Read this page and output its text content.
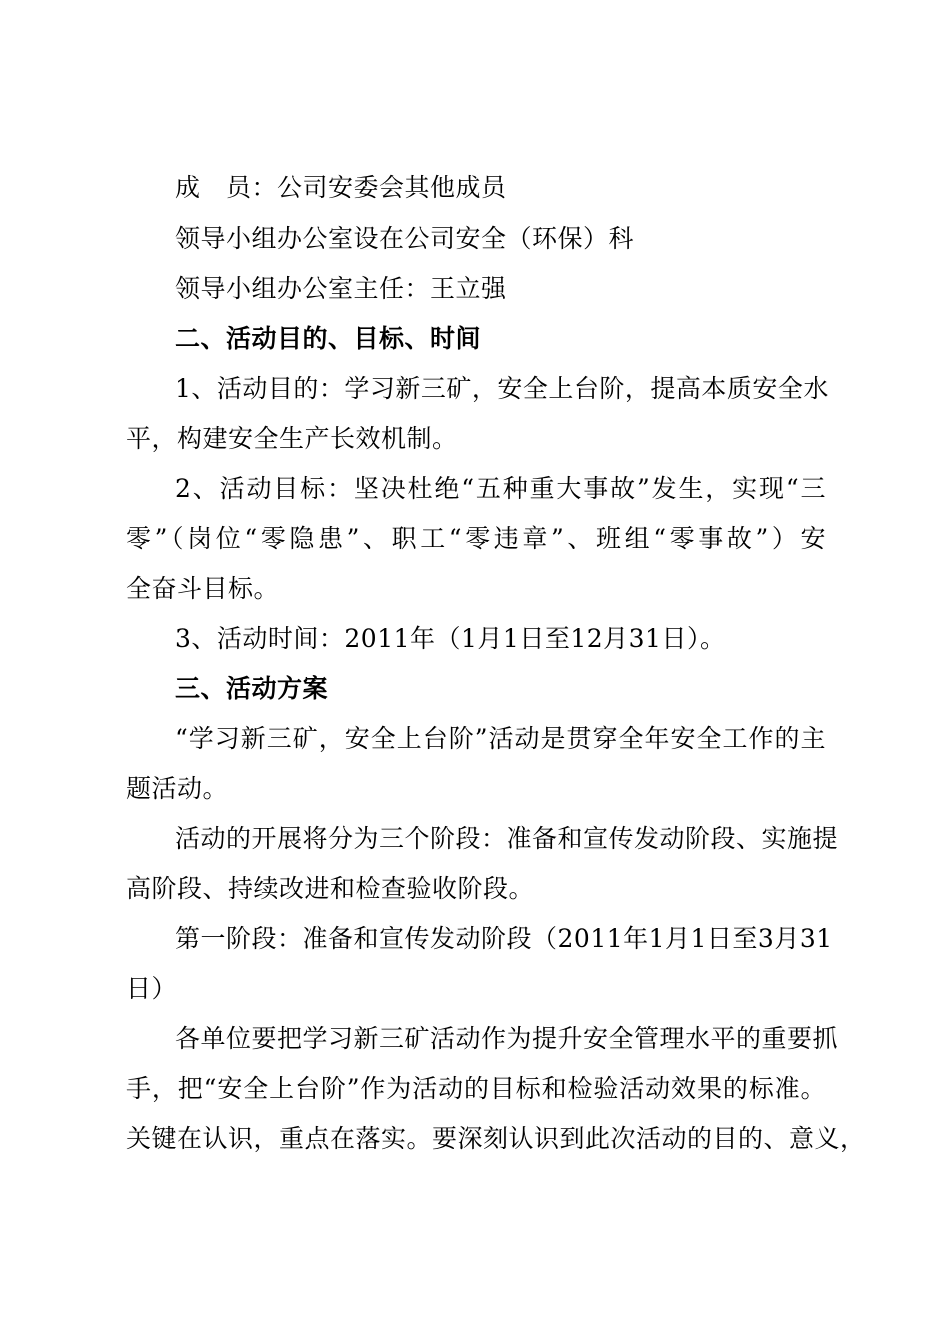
成　员：公司安委会其他成员
领导小组办公室设在公司安全（环保）科
领导小组办公室主任：王立强
二、活动目的、目标、时间
1、活动目的：学习新三矿，安全上台阶，提高本质安全水
平，构建安全生产长效机制。
2、活动目标：坚决杜绝“五种重大事故”发生，实现“三
零”（岗位“零隐患”、职工“零违章”、班组“零事故”）安
全奋斗目标。
3、活动时间：2011年（1月1日至12月31日）。
三、活动方案
“学习新三矿，安全上台阶”活动是贯穿全年安全工作的主
题活动。
活动的开展将分为三个阶段：准备和宣传发动阶段、实施提
高阶段、持续改进和检查验收阶段。
第一阶段：准备和宣传发动阶段（2011年1月1日至3月31
日）
各单位要把学习新三矿活动作为提升安全管理水平的重要抓
手，把“安全上台阶”作为活动的目标和检验活动效果的标准。
关键在认识，重点在落实。要深刻认识到此次活动的目的、意义，
